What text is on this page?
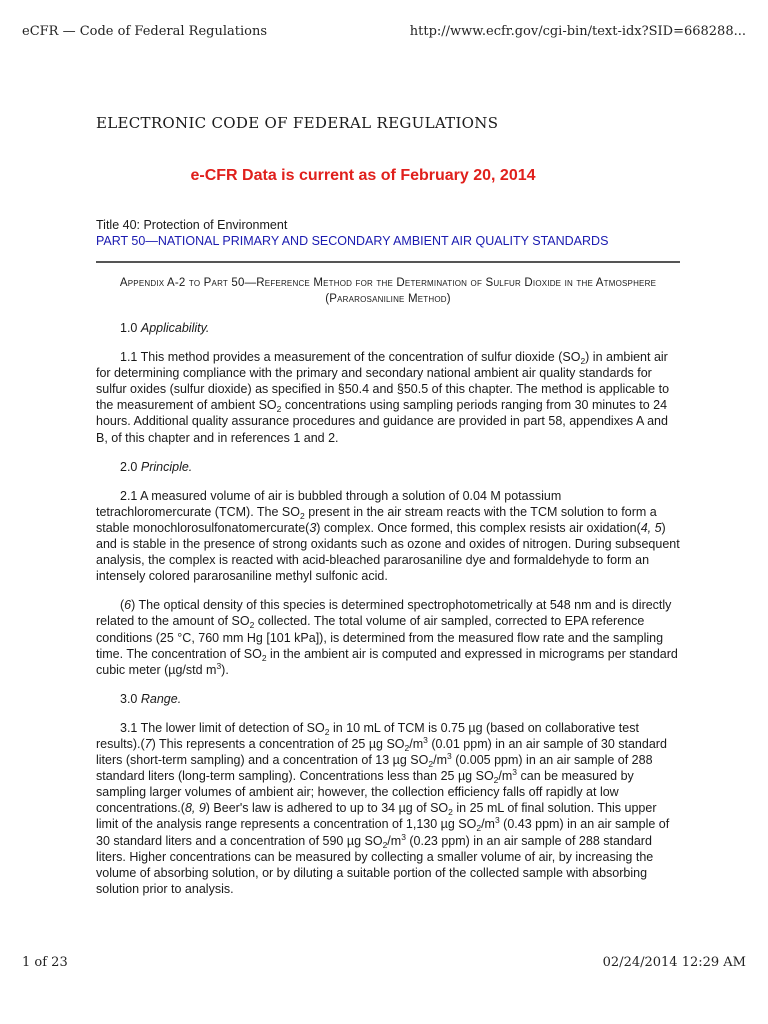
eCFR — Code of Federal Regulations	http://www.ecfr.gov/cgi-bin/text-idx?SID=668288...
ELECTRONIC CODE OF FEDERAL REGULATIONS
e-CFR Data is current as of February 20, 2014
Title 40: Protection of Environment
PART 50—NATIONAL PRIMARY AND SECONDARY AMBIENT AIR QUALITY STANDARDS
Appendix A-2 to Part 50—Reference Method for the Determination of Sulfur Dioxide in the Atmosphere (Pararosaniline Method)

1.0 Applicability.

1.1 This method provides a measurement of the concentration of sulfur dioxide $(SO_2)$ in ambient air for determining compliance with the primary and secondary national ambient air quality standards for sulfur oxides (sulfur dioxide) as specified in §50.4 and §50.5 of this chapter. The method is applicable to the measurement of ambient $SO_2$ concentrations using sampling periods ranging from 30 minutes to 24 hours. Additional quality assurance procedures and guidance are provided in part 58, appendixes A and B, of this chapter and in references 1 and 2.

2.0 Principle.

2.1 A measured volume of air is bubbled through a solution of 0.04 M potassium tetrachloromercurate (TCM). The $SO_2$ present in the air stream reacts with the TCM solution to form a stable monochlorosulfonatomercurate(3) complex. Once formed, this complex resists air oxidation(4, 5) and is stable in the presence of strong oxidants such as ozone and oxides of nitrogen. During subsequent analysis, the complex is reacted with acid-bleached pararosaniline dye and formaldehyde to form an intensely colored pararosaniline methyl sulfonic acid.

(6) The optical density of this species is determined spectrophotometrically at 548 nm and is directly related to the amount of $SO_2$ collected. The total volume of air sampled, corrected to EPA reference conditions (25 °C, 760 mm Hg [101 kPa]), is determined from the measured flow rate and the sampling time. The concentration of $SO_2$ in the ambient air is computed and expressed in micrograms per standard cubic meter (µg/std $m^3$).

3.0 Range.

3.1 The lower limit of detection of $SO_2$ in 10 mL of TCM is 0.75 µg (based on collaborative test results).(7) This represents a concentration of 25 µg $SO_2/m^3$ (0.01 ppm) in an air sample of 30 standard liters (short-term sampling) and a concentration of 13 µg $SO_2/m^3$ (0.005 ppm) in an air sample of 288 standard liters (long-term sampling). Concentrations less than 25 µg $SO_2/m^3$ can be measured by sampling larger volumes of ambient air; however, the collection efficiency falls off rapidly at low concentrations.(8, 9) Beer's law is adhered to up to 34 µg of $SO_2$ in 25 mL of final solution. This upper limit of the analysis range represents a concentration of 1,130 µg $SO_2/m^3$ (0.43 ppm) in an air sample of 30 standard liters and a concentration of 590 µg $SO_2/m^3$ (0.23 ppm) in an air sample of 288 standard liters. Higher concentrations can be measured by collecting a smaller volume of air, by increasing the volume of absorbing solution, or by diluting a suitable portion of the collected sample with absorbing solution prior to analysis.

1 of 23	02/24/2014 12:29 AM
